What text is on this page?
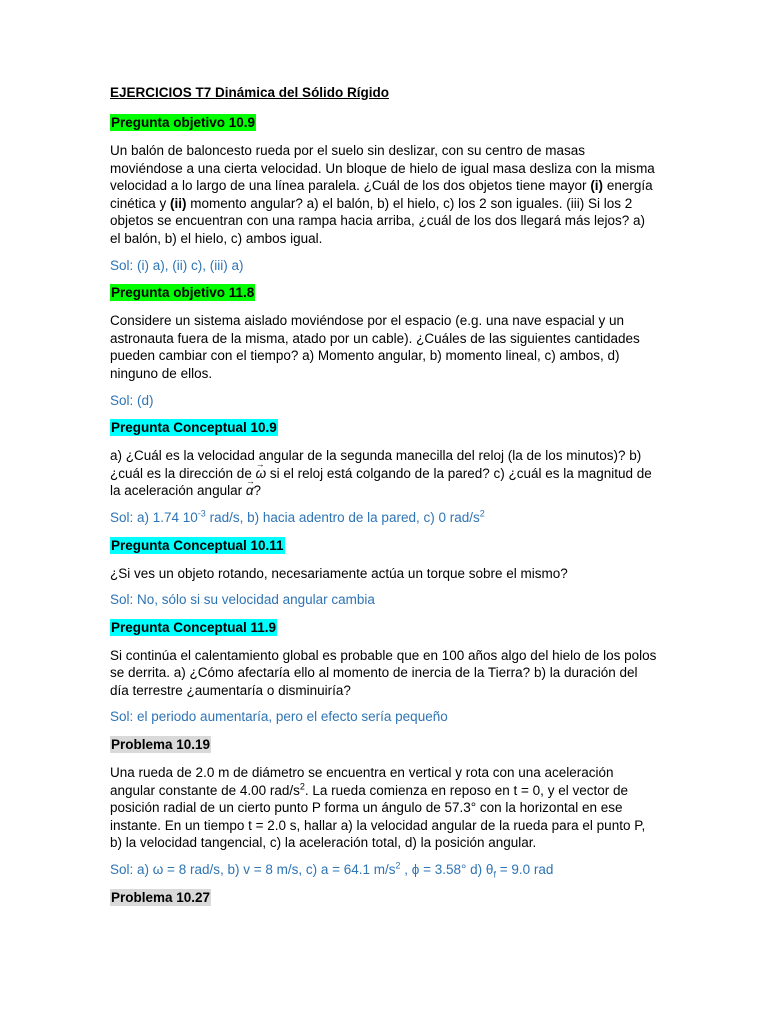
EJERCICIOS T7 Dinámica del Sólido Rígido
Pregunta objetivo 10.9

Un balón de baloncesto rueda por el suelo sin deslizar, con su centro de masas moviéndose a una cierta velocidad. Un bloque de hielo de igual masa desliza con la misma velocidad a lo largo de una línea paralela. ¿Cuál de los dos objetos tiene mayor (i) energía cinética y (ii) momento angular? a) el balón, b) el hielo, c) los 2 son iguales. (iii) Si los 2 objetos se encuentran con una rampa hacia arriba, ¿cuál de los dos llegará más lejos? a) el balón, b) el hielo, c) ambos igual.

Sol: (i) a), (ii) c), (iii) a)

Pregunta objetivo 11.8

Considere un sistema aislado moviéndose por el espacio (e.g. una nave espacial y un astronauta fuera de la misma, atado por un cable). ¿Cuáles de las siguientes cantidades pueden cambiar con el tiempo? a) Momento angular, b) momento lineal, c) ambos, d) ninguno de ellos.

Sol: (d)

Pregunta Conceptual 10.9

a) ¿Cuál es la velocidad angular de la segunda manecilla del reloj (la de los minutos)? b) ¿cuál es la dirección de → ω si el reloj está colgando de la pared? c) ¿cuál es la magnitud de la aceleración angular → α?

Sol: a) 1.74 $10^{-3}$ rad/s, b) hacia adentro de la pared, c) 0 rad/$s^2$

Pregunta Conceptual 10.11

¿Si ves un objeto rotando, necesariamente actúa un torque sobre el mismo?

Sol: No, sólo si su velocidad angular cambia

Pregunta Conceptual 11.9

Si continúa el calentamiento global es probable que en 100 años algo del hielo de los polos se derrita. a) ¿Cómo afectaría ello al momento de inercia de la Tierra? b) la duración del día terrestre ¿aumentaría o disminuiría?

Sol: el periodo aumentaría, pero el efecto sería pequeño

Problema 10.19

Una rueda de 2.0 m de diámetro se encuentra en vertical y rota con una aceleración angular constante de 4.00 rad/$s^2$. La rueda comienza en reposo en t = 0, y el vector de posición radial de un cierto punto P forma un ángulo de 57.3° con la horizontal en ese instante. En un tiempo t = 2.0 s, hallar a) la velocidad angular de la rueda para el punto P, b) la velocidad tangencial, c) la aceleración total, d) la posición angular.

Sol: a) ω = 8 rad/s, b) v = 8 m/s, c) a = 64.1 $m/s^2$ , ϕ = 3.58° d) $\theta_f = 9.0$ rad

Problema 10.27
